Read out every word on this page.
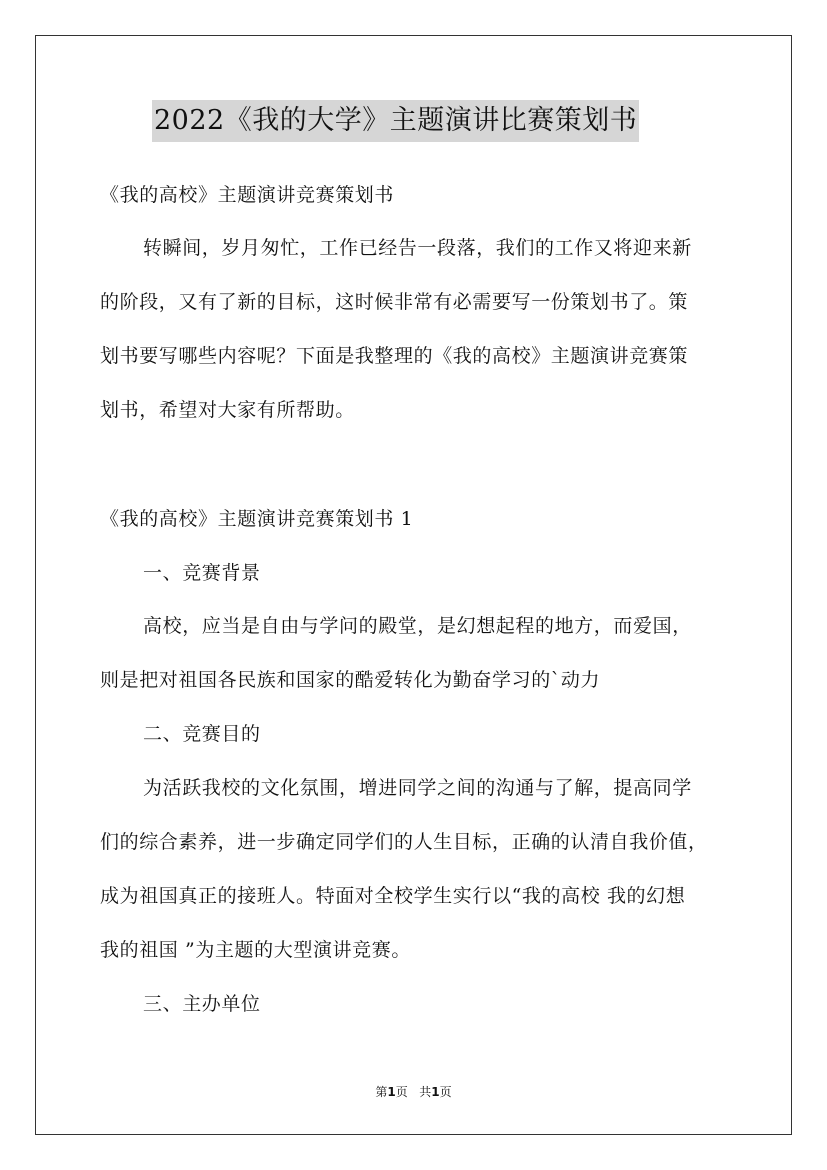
2022《我的大学》主题演讲比赛策划书
《我的高校》主题演讲竞赛策划书
转瞬间，岁月匆忙，工作已经告一段落，我们的工作又将迎来新
的阶段，又有了新的目标，这时候非常有必需要写一份策划书了。策
划书要写哪些内容呢？下面是我整理的《我的高校》主题演讲竞赛策
划书，希望对大家有所帮助。
《我的高校》主题演讲竞赛策划书 1
一、竞赛背景
高校，应当是自由与学问的殿堂，是幻想起程的地方，而爱国，
则是把对祖国各民族和国家的酷爱转化为勤奋学习的`动力
二、竞赛目的
为活跃我校的文化氛围，增进同学之间的沟通与了解，提高同学
们的综合素养，进一步确定同学们的人生目标，正确的认清自我价值，
成为祖国真正的接班人。特面对全校学生实行以“我的高校 我的幻想
我的祖国 ”为主题的大型演讲竞赛。
三、主办单位
第1页 共1页
